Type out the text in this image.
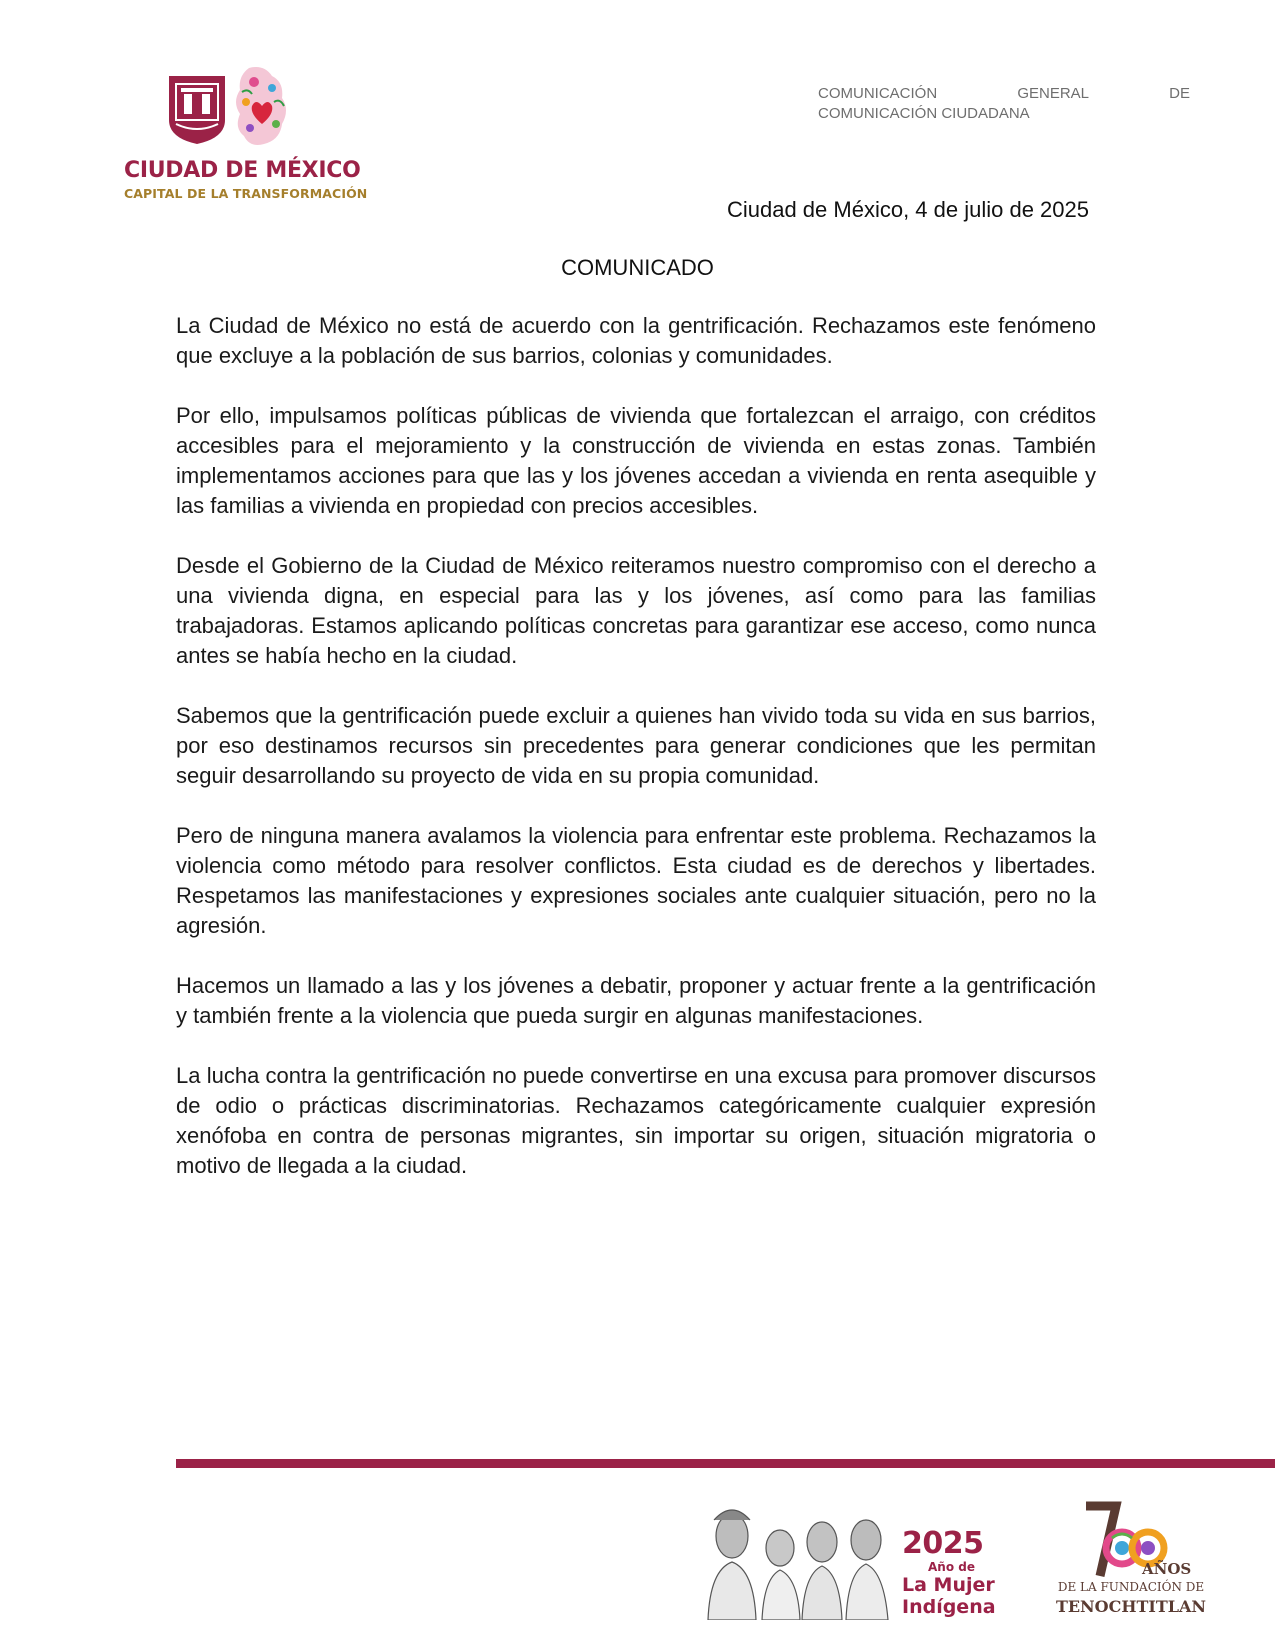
CIUDAD DE MÉXICO
CAPITAL DE LA TRANSFORMACIÓN
COMUNICACIÓN	GENERAL	DE
COMUNICACIÓN CIUDADANA
Ciudad de México, 4 de julio de 2025
COMUNICADO

La Ciudad de México no está de acuerdo con la gentrificación. Rechazamos este fenómeno que excluye a la población de sus barrios, colonias y comunidades.

Por ello, impulsamos políticas públicas de vivienda que fortalezcan el arraigo, con créditos accesibles para el mejoramiento y la construcción de vivienda en estas zonas. También implementamos acciones para que las y los jóvenes accedan a vivienda en renta asequible y las familias a vivienda en propiedad con precios accesibles.

Desde el Gobierno de la Ciudad de México reiteramos nuestro compromiso con el derecho a una vivienda digna, en especial para las y los jóvenes, así como para las familias trabajadoras. Estamos aplicando políticas concretas para garantizar ese acceso, como nunca antes se había hecho en la ciudad.

Sabemos que la gentrificación puede excluir a quienes han vivido toda su vida en sus barrios, por eso destinamos recursos sin precedentes para generar condiciones que les permitan seguir desarrollando su proyecto de vida en su propia comunidad.

Pero de ninguna manera avalamos la violencia para enfrentar este problema. Rechazamos la violencia como método para resolver conflictos. Esta ciudad es de derechos y libertades. Respetamos las manifestaciones y expresiones sociales ante cualquier situación, pero no la agresión.

Hacemos un llamado a las y los jóvenes a debatir, proponer y actuar frente a la gentrificación y también frente a la violencia que pueda surgir en algunas manifestaciones.

La lucha contra la gentrificación no puede convertirse en una excusa para promover discursos de odio o prácticas discriminatorias. Rechazamos categóricamente cualquier expresión xenófoba en contra de personas migrantes, sin importar su origen, situación migratoria o motivo de llegada a la ciudad.

2025
Año de
La Mujer
Indígena
AÑOS
DE LA FUNDACIÓN DE
TENOCHTITLAN
